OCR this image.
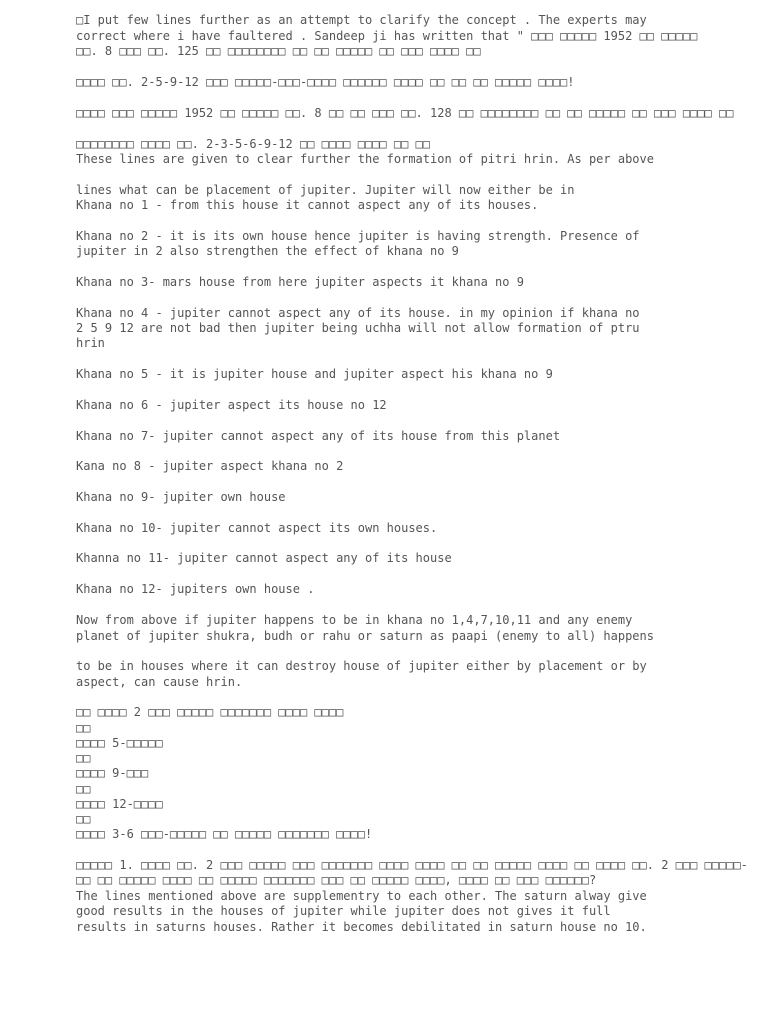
□I put few lines further as an attempt to clarify the concept . The experts may

correct where i have faultered . Sandeep ji has written that " □□□ □□□□□ 1952 □□ □□□□□

□□. 8 □□□ □□. 125 □□ □□□□□□□□ □□ □□ □□□□□ □□ □□□ □□□□ □□

□□□□ □□. 2-5-9-12 □□□ □□□□□-□□□-□□□□ □□□□□□ □□□□ □□ □□ □□ □□□□□ □□□□!

□□□□ □□□ □□□□□ 1952 □□ □□□□□ □□. 8 □□ □□ □□□ □□. 128 □□ □□□□□□□□ □□ □□ □□□□□ □□ □□□ □□□□ □□

□□□□□□□□ □□□□ □□. 2-3-5-6-9-12 □□ □□□□ □□□□ □□ □□

These lines are given to clear further the formation of pitri hrin. As per above

lines what can be placement of jupiter. Jupiter will now either be in

Khana no 1 - from this house it cannot aspect any of its houses.

Khana no 2 - it is its own house hence jupiter is having strength. Presence of

jupiter in 2 also strengthen the effect of khana no 9

Khana no 3- mars house from here jupiter aspects it khana no 9

Khana no 4 - jupiter cannot aspect any of its house. in my opinion if khana no

2 5 9 12 are not bad then jupiter being uchha will not allow formation of ptru

hrin

Khana no 5 - it is jupiter house and jupiter aspect his khana no 9

Khana no 6 - jupiter aspect its house no 12

Khana no 7- jupiter cannot aspect any of its house from this planet

Kana no 8 - jupiter aspect khana no 2

Khana no 9- jupiter own house

Khana no 10- jupiter cannot aspect its own houses.

Khanna no 11- jupiter cannot aspect any of its house

Khana no 12- jupiters own house .

Now from above if jupiter happens to be in khana no 1,4,7,10,11 and any enemy

planet of jupiter shukra, budh or rahu or saturn as paapi (enemy to all) happens

to be in houses where it can destroy house of jupiter either by placement or by

aspect, can cause hrin.

□□ □□□□ 2 □□□ □□□□□ □□□□□□□ □□□□ □□□□

□□

□□□□ 5-□□□□□

□□

□□□□ 9-□□□

□□

□□□□ 12-□□□□

□□

□□□□ 3-6 □□□-□□□□□ □□ □□□□□ □□□□□□□ □□□□!

□□□□□ 1. □□□□ □□. 2 □□□ □□□□□ □□□ □□□□□□□ □□□□ □□□□ □□ □□ □□□□□ □□□□ □□ □□□□ □□. 2 □□□ □□□□□-

□□ □□ □□□□□ □□□□ □□ □□□□□ □□□□□□□ □□□ □□ □□□□□ □□□□, □□□□ □□ □□□ □□□□□□?

The lines mentioned above are supplementry to each other. The saturn alway give

good results in the houses of jupiter while jupiter does not gives it full

results in saturns houses. Rather it becomes debilitated in saturn house no 10.
